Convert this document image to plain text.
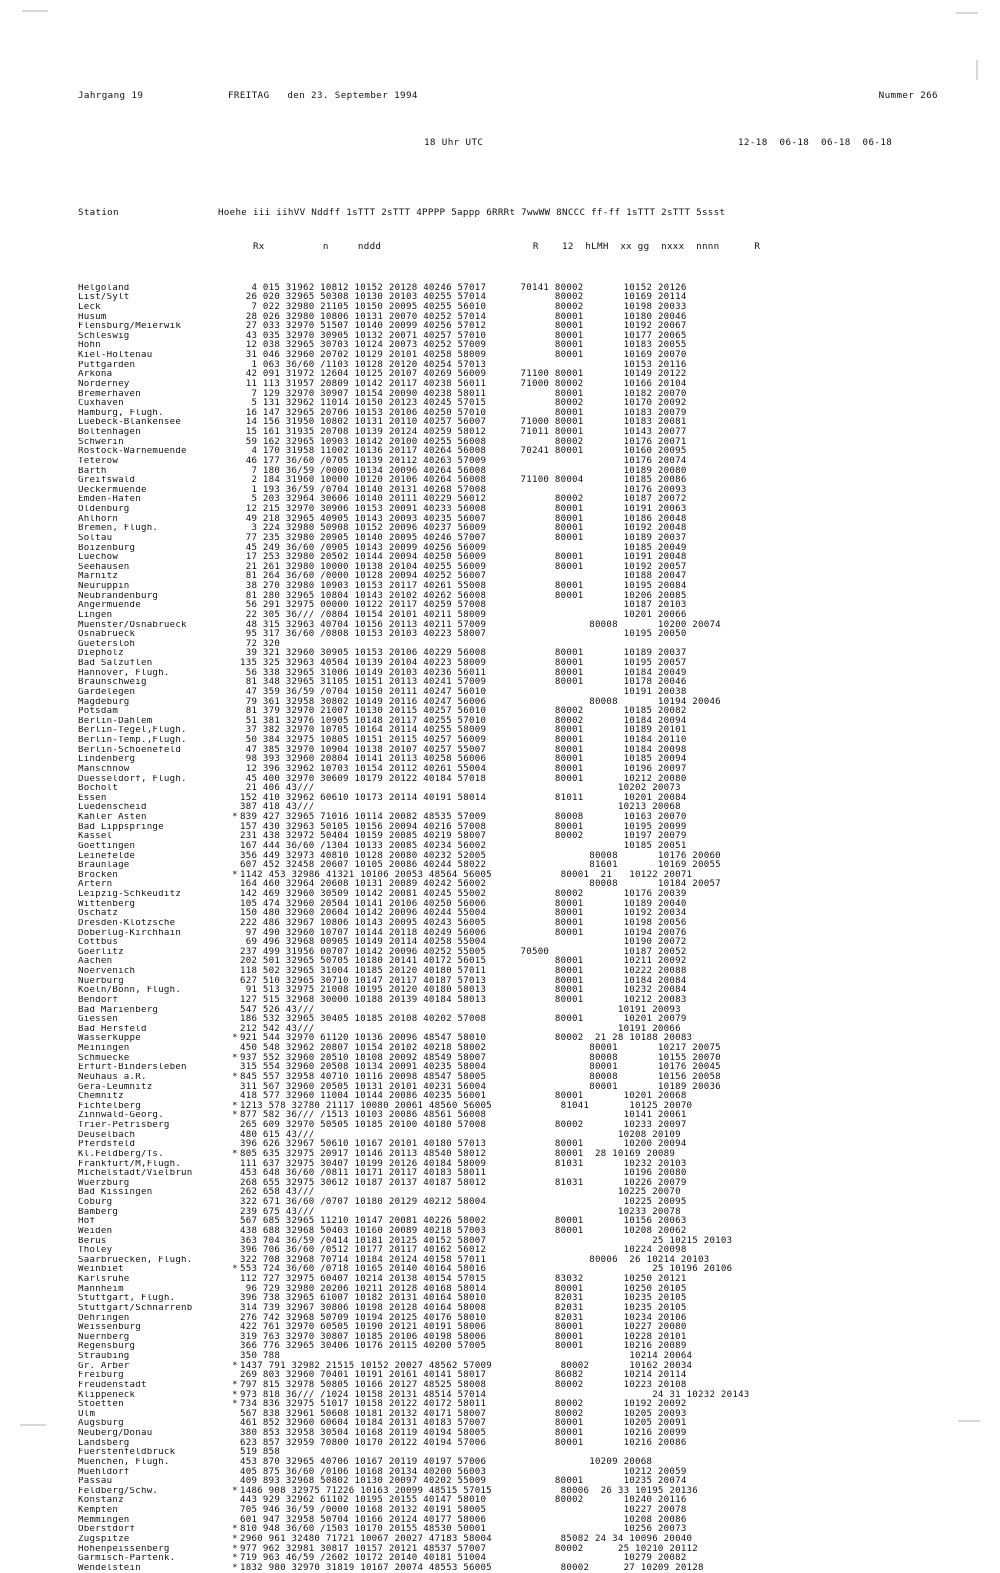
Jahrgang 19	FREITAG den 23. September 1994	Nummer 266

18 Uhr UTC	12-18  06-18  06-18  06-18

Station                 Hoehe iii iihVV Nddff 1sTTT 2sTTT 4PPPP 5appp 6RRRt 7wwWW 8NCCC ff-ff 1sTTT 2sTTT 5ssst

Rx          n     nddd                          R    12  hLMH  xx gg  nxxx  nnnn      R

Helgoland	4 015 31962 10812 10152 20128 40246 57017      70141 80002       10152 20126
List/Sylt	26 020 32965 50308 10130 20103 40255 57014            80002       10169 20114
Leck	7 022 32980 21105 10150 20095 40255 56010            80002       10198 20033
Husum	28 026 32980 10806 10131 20070 40252 57014            80001       10180 20046
Flensburg/Meierwik	27 033 32970 51507 10140 20099 40256 57012            80001       10192 20067
Schleswig	43 035 32970 30905 10132 20071 40257 57010            80001       10177 20065
Hohn	12 038 32965 30703 10124 20073 40252 57009            80001       10183 20055
Kiel-Holtenau	31 046 32960 20702 10129 20101 40258 58009            80001       10169 20070
Puttgarden	1 063 36/60 /1103 10128 20120 40254 57013                        10153 20116
Arkona	42 091 31972 12604 10125 20107 40269 56009      71100 80001       10149 20122
Norderney	11 113 31957 20809 10142 20117 40238 56011      71000 80002       10166 20104
Bremerhaven	7 129 32970 30907 10154 20090 40238 58011            80001       10182 20070
Cuxhaven	5 131 32962 11014 10150 20123 40245 57015            80002       10170 20092
Hamburg, Flugh.	16 147 32965 20706 10153 20106 40250 57010            80001       10183 20079
Luebeck-Blankensee	14 156 31950 10802 10131 20110 40257 56007      71000 80001       10183 20081
Boltenhagen	15 161 31935 20708 10139 20124 40259 58012      71011 80001       10143 20077
Schwerin	59 162 32965 10903 10142 20100 40255 56008            80002       10176 20071
Rostock-Warnemuende	4 170 31958 11002 10136 20117 40264 56008      70241 80001       10160 20095
Teterow	46 177 36/60 /0705 10139 20112 40263 57009                        10176 20074
Barth	7 180 36/59 /0000 10134 20096 40264 56008                        10189 20080
Greifswald	2 184 31960 10000 10120 20106 40264 56008      71100 80004       10185 20086
Ueckermuende	1 193 36/59 /0704 10140 20131 40268 57008                        10176 20093
Emden-Hafen	5 203 32964 30606 10140 20111 40229 56012            80002       10187 20072
Oldenburg	12 215 32970 30906 10153 20091 40233 56008            80001       10191 20063
Ahlhorn	49 218 32965 40905 10143 20093 40235 56007            80001       10186 20048
Bremen, Flugh.	3 224 32980 50908 10152 20096 40237 56009            80001       10192 20048
Soltau	77 235 32980 20905 10140 20095 40246 57007            80001       10189 20037
Boizenburg	45 249 36/60 /0905 10143 20099 40256 56009                        10185 20049
Luechow	17 253 32980 20502 10144 20094 40250 56009            80001       10191 20048
Seehausen	21 261 32980 10000 10138 20104 40255 56009            80001       10192 20057
Marnitz	81 264 36/60 /0000 10128 20094 40252 56007                        10188 20047
Neuruppin	38 270 32980 10903 10153 20117 40261 55008            80001       10195 20084
Neubrandenburg	81 280 32965 10804 10143 20102 40262 56008            80001       10206 20085
Angermuende	56 291 32975 00000 10122 20117 40259 57008                        10187 20103
Lingen	22 305 36/// /0804 10154 20101 40211 58009                        10201 20066
Muenster/Osnabrueck	48 315 32963 40704 10156 20113 40211 57009                  80008       10200 20074
Osnabrueck	95 317 36/60 /0808 10153 20103 40223 58007                        10195 20050
Guetersloh	72 320
Diepholz	39 321 32960 30905 10153 20106 40229 56008            80001       10189 20037
Bad Salzuflen	135 325 32963 40504 10139 20104 40223 58009            80001       10195 20057
Hannover, Flugh.	56 338 32965 31006 10149 20103 40236 56011            80001       10184 20049
Braunschweig	81 348 32965 31105 10151 20113 40241 57009            80001       10178 20046
Gardelegen	47 359 36/59 /0704 10150 20111 40247 56010                        10191 20038
Magdeburg	79 361 32958 30802 10149 20116 40247 56006                  80008       10194 20046
Potsdam	81 379 32970 21007 10130 20115 40257 56010            80002       10185 20082
Berlin-Dahlem	51 381 32976 10905 10148 20117 40255 57010            80002       10184 20094
Berlin-Tegel,Flugh.	37 382 32970 10705 10164 20114 40255 58009            80001       10189 20101
Berlin-Temp.,Flugh.	50 384 32975 10805 10151 20115 40257 56009            80001       10184 20110
Berlin-Schoenefeld	47 385 32970 10904 10138 20107 40257 55007            80001       10184 20098
Lindenberg	98 393 32960 20804 10141 20113 40258 56006            80001       10185 20094
Manschnow	12 396 32962 10703 10154 20112 40261 55004            80001       10196 20097
Duesseldorf, Flugh.	45 400 32970 30609 10179 20122 40184 57018            80001       10212 20080
Bocholt	21 406 43///                                                     10202 20073
Essen	152 410 32962 60610 10173 20114 40191 58014            81011       10201 20084
Luedenscheid	387 418 43///                                                     10213 20068
Kahler Asten	* 839 427 32965 71016 10114 20082 48535 57009            80008       10163 20070
Bad Lippspringe	157 430 32963 50105 10156 20094 40216 57008            80001       10195 20099
Kassel	231 438 32972 50404 10159 20085 40219 58007            80002       10197 20079
Goettingen	167 444 36/60 /1304 10133 20085 40234 56002                        10185 20051
Leinefelde	356 449 32973 40810 10128 20080 40232 52005                  80008       10176 20060
Braunlage	607 452 32458 20607 10105 20086 40244 58022                  81601       10169 20055
Brocken	* 1142 453 32986 41321 10106 20053 48564 56005            80001  21   10122 20071
Artern	164 460 32964 20608 10131 20089 40242 56002                  80008       10184 20057
Leipzig-Schkeuditz	142 469 32960 30509 10142 20081 40245 55002            80002       10176 20039
Wittenberg	105 474 32960 20504 10141 20106 40250 56006            80001       10189 20040
Oschatz	150 480 32960 20604 10142 20096 40244 55004            80001       10192 20034
Dresden-Klotzsche	222 486 32967 10806 10143 20095 40243 56005            80001       10198 20056
Doberlug-Kirchhain	97 490 32960 10707 10144 20118 40249 56006            80001       10194 20076
Cottbus	69 496 32968 00905 10149 20114 40258 55004                        10190 20072
Goerlitz	237 499 31956 00707 10142 20096 40252 55005      70500             10187 20052
Aachen	202 501 32965 50705 10180 20141 40172 56015            80001       10211 20092
Noervenich	118 502 32965 31004 10185 20120 40180 57011            80001       10222 20088
Nuerburg	627 510 32965 30710 10147 20117 40187 57013            80001       10184 20084
Koeln/Bonn, Flugh.	91 513 32975 21008 10195 20120 40180 58013            80001       10232 20084
Bendorf	127 515 32968 30000 10188 20139 40184 58013            80001       10212 20083
Bad Marienberg	547 526 43///                                                     10191 20093
Giessen	186 532 32965 30405 10185 20108 40202 57008            80001       10201 20079
Bad Hersfeld	212 542 43///                                                     10191 20066
Wasserkuppe	* 921 544 32970 61120 10136 20096 48547 58010            80002  21 28 10188 20083
Meiningen	450 548 32962 20807 10154 20102 40218 58002                  80001       10217 20075
Schmuecke	* 937 552 32960 20510 10108 20092 48549 58007                  80008       10155 20070
Erfurt-Bindersleben	315 554 32960 20508 10134 20091 40235 58004                  80001       10176 20045
Neuhaus a.R.	* 845 557 32958 40710 10116 20098 48547 58005                  80008       10156 20058
Gera-Leumnitz	311 567 32960 20505 10131 20101 40231 56004                  80001       10189 20036
Chemnitz	418 577 32960 11004 10144 20086 40235 56001            80001       10201 20068
Fichtelberg	* 1213 578 32780 21117 10080 20061 48560 56005            81041       10125 20070
Zinnwald-Georg.	* 877 582 36/// /1513 10103 20086 48561 56008                        10141 20061
Trier-Petrisberg	265 609 32970 50505 10185 20100 40180 57008            80002       10233 20097
Deuselbach	480 615 43///                                                     10208 20109
Pferdsfeld	396 626 32967 50610 10167 20101 40180 57013            80001       10200 20094
Kl.Feldberg/Ts.	* 805 635 32975 20917 10146 20113 48540 58012            80001  28 10169 20089
Frankfurt/M,Flugh.	111 637 32975 30407 10199 20126 40184 58009            81031       10232 20103
Michelstadt/Vielbrun	453 648 36/60 /0811 10171 20117 40183 58011                        10196 20080
Wuerzburg	268 655 32975 30612 10187 20137 40187 58012            81031       10226 20079
Bad Kissingen	262 658 43///                                                     10225 20070
Coburg	322 671 36/60 /0707 10180 20129 40212 58004                        10225 20095
Bamberg	239 675 43///                                                     10233 20078
Hof	567 685 32965 11210 10147 20081 40226 58002            80001       10156 20063
Weiden	438 688 32968 50403 10160 20089 40218 57003            80001       10208 20062
Berus	363 704 36/59 /0414 10181 20125 40152 58007                             25 10215 20103
Tholey	396 706 36/60 /0512 10177 20117 40162 56012                        10224 20098
Saarbruecken, Flugh.	322 708 32968 70714 10184 20124 40158 57011                  80006  26 10214 20103
Weinbiet	* 553 724 36/60 /0718 10165 20140 40164 58016                             25 10196 20106
Karlsruhe	112 727 32975 60407 10214 20138 40154 57015            83032       10250 20121
Mannheim	96 729 32980 20206 10211 20128 40168 58014            80001       10250 20105
Stuttgart, Flugh.	396 738 32965 61007 10182 20131 40164 58010            82031       10235 20105
Stuttgart/Schnarrenb	314 739 32967 30806 10198 20128 40164 58008            82031       10235 20105
Oehringen	276 742 32968 50709 10194 20125 40176 58010            82031       10234 20106
Weissenburg	422 761 32970 60505 10190 20121 40191 58006            80001       10227 20080
Nuernberg	319 763 32970 30807 10185 20106 40198 58006            80001       10228 20101
Regensburg	366 776 32965 30406 10176 20115 40200 57005            80001       10216 20089
Straubing	350 788                                                             10214 20064
Gr. Arber	* 1437 791 32982 21515 10152 20027 48562 57009            80002       10162 20034
Freiburg	269 803 32960 70401 10191 20161 40141 58017            86082       10214 20114
Freudenstadt	* 797 815 32978 50805 10166 20127 48525 58008            80002       10223 20108
Klippeneck	* 973 818 36/// /1024 10158 20131 48514 57014                             24 31 10232 20143
Stoetten	* 734 836 32975 51017 10158 20122 40172 58011            80002       10192 20092
Ulm	567 838 32961 50608 10181 20132 40171 58007            80002       10205 20093
Augsburg	461 852 32960 60604 10184 20131 40183 57007            80001       10205 20091
Neuberg/Donau	380 853 32958 30504 10168 20119 40194 58005            80001       10216 20099
Landsberg	623 857 32959 70800 10170 20122 40194 57006            80001       10216 20086
Fuerstenfeldbruck	519 858
Muenchen, Flugh.	453 870 32965 40706 10167 20119 40197 57006                  10209 20068
Muehldorf	405 875 36/60 /0106 10168 20134 40200 56003                        10212 20059
Passau	409 893 32968 50802 10130 20097 40202 55009            80001       10235 20074
Feldberg/Schw.	* 1486 908 32975 71226 10163 20099 48515 57015            80006  26 33 10195 20136
Konstanz	443 929 32962 61102 10195 20155 40147 58010            80002       10240 20116
Kempten	705 946 36/59 /0000 10168 20132 40191 58005                        10227 20078
Memmingen	601 947 32958 50704 10166 20124 40177 58006                        10208 20086
Oberstdorf	* 810 948 36/60 /1503 10170 20155 48530 50001                        10256 20073
Zugspitze	* 2960 961 32480 71721 10067 20027 47183 58004            85082 24 34 10096 20040
Hohenpeissenberg	* 977 962 32981 30817 10157 20121 48537 57007            80002      25 10210 20112
Garmisch-Partenk.	* 719 963 46/59 /2602 10172 20140 40181 51004                        10279 20082
Wendelstein	* 1832 980 32970 31819 10167 20074 48553 56005            80002      27 10209 20128
